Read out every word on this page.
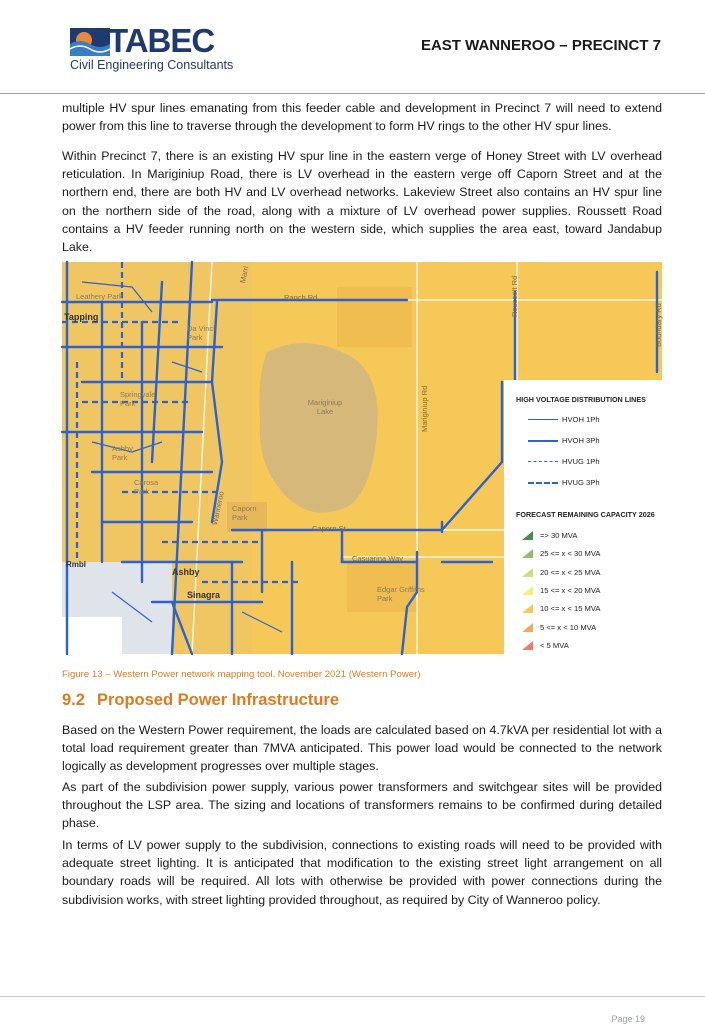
TABEC
Civil Engineering Consultants
EAST WANNEROO – PRECINCT 7

multiple HV spur lines emanating from this feeder cable and development in Precinct 7 will need to extend power from this line to traverse through the development to form HV rings to the other HV spur lines.

Within Precinct 7, there is an existing HV spur line in the eastern verge of Honey Street with LV overhead reticulation. In Mariginiup Road, there is LV overhead in the eastern verge off Caporn Street and at the northern end, there are both HV and LV overhead networks. Lakeview Street also contains an HV spur line on the northern side of the road, along with a mixture of LV overhead power supplies. Roussett Road contains a HV feeder running north on the western side, which supplies the area east, toward Jandabup Lake.

Ranch Rd	Roussett Rd
Boundary Rd
Tapping
Mariginiup Lake	Mariginiup Rd
Caporn St
Caporn Park
Casuarina Way
Edgar Griffiths Park
Ashby
Sinagra
Carosa Park
Ashby Park
Springvale Park
Da Vinci Park
Leathery Park
Rmbl
Wanneroo
Marri
HIGH VOLTAGE DISTRIBUTION LINES
HVOH 1Ph
HVOH 3Ph
HVUG 1Ph
HVUG 3Ph
FORECAST REMAINING CAPACITY 2026
=> 30 MVA
25 <= x < 30 MVA
20 <= x < 25 MVA
15 <= x < 20 MVA
10 <= x < 15 MVA
5 <= x < 10 MVA
< 5 MVA
Figure 13 – Western Power network mapping tool. November 2021 (Western Power)
9.2 Proposed Power Infrastructure

Based on the Western Power requirement, the loads are calculated based on 4.7kVA per residential lot with a total load requirement greater than 7MVA anticipated. This power load would be connected to the network logically as development progresses over multiple stages.

As part of the subdivision power supply, various power transformers and switchgear sites will be provided throughout the LSP area. The sizing and locations of transformers remains to be confirmed during detailed phase.

In terms of LV power supply to the subdivision, connections to existing roads will need to be provided with adequate street lighting. It is anticipated that modification to the existing street light arrangement on all boundary roads will be required. All lots with otherwise be provided with power connections during the subdivision works, with street lighting provided throughout, as required by City of Wanneroo policy.

Page 19
